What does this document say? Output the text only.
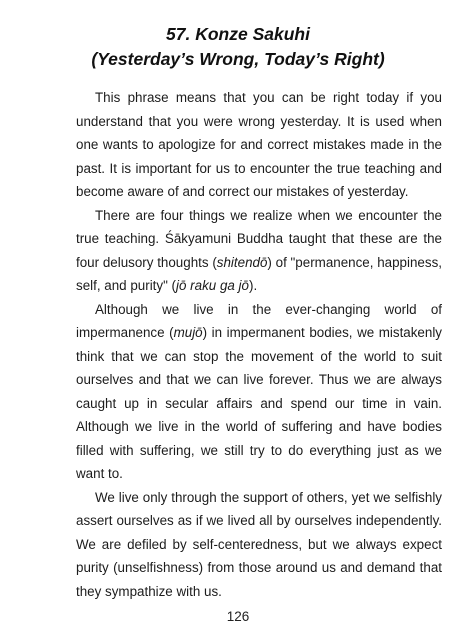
57. Konze Sakuhi
(Yesterday’s Wrong, Today’s Right)

This phrase means that you can be right today if you understand that you were wrong yesterday. It is used when one wants to apologize for and correct mistakes made in the past. It is important for us to encounter the true teaching and become aware of and correct our mistakes of yesterday.

There are four things we realize when we encounter the true teaching. Śākyamuni Buddha taught that these are the four delusory thoughts (shitendō) of "permanence, happiness, self, and purity" (jō raku ga jō).

Although we live in the ever-changing world of impermanence (mujō) in impermanent bodies, we mistakenly think that we can stop the movement of the world to suit ourselves and that we can live forever. Thus we are always caught up in secular affairs and spend our time in vain. Although we live in the world of suffering and have bodies filled with suffering, we still try to do everything just as we want to.

We live only through the support of others, yet we selfishly assert ourselves as if we lived all by ourselves independently. We are defiled by self-centeredness, but we always expect purity (unselfishness) from those around us and demand that they sympathize with us.

126
